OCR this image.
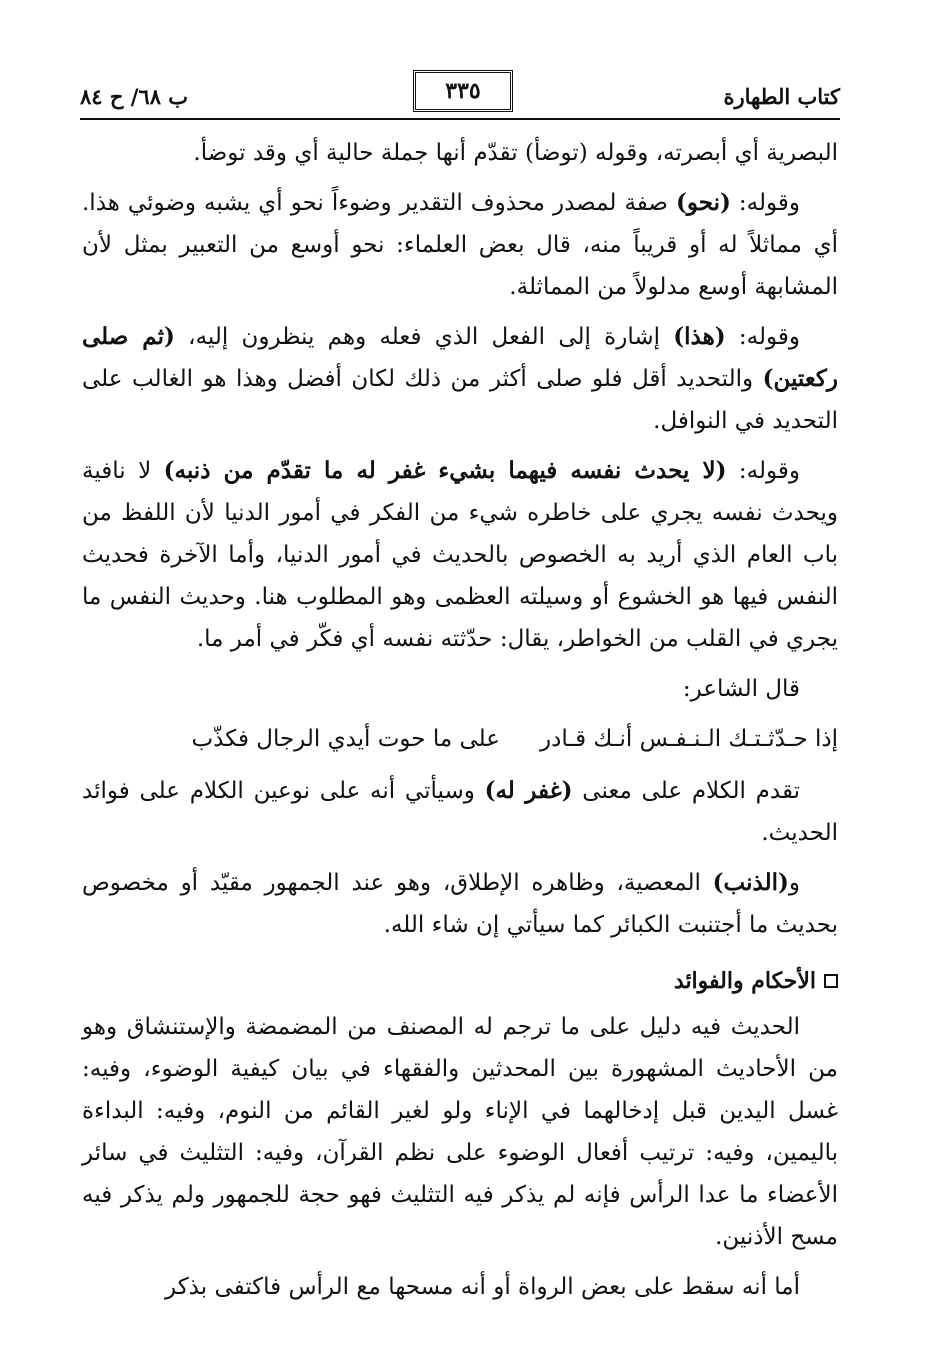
كتاب الطهارة
٣٣٥
ب ٦٨/ ح ٨٤

البصرية أي أبصرته، وقوله (توضأ) تقدّم أنها جملة حالية أي وقد توضأ.

وقوله: (نحو) صفة لمصدر محذوف التقدير وضوءاً نحو أي يشبه وضوئي هذا. أي مماثلاً له أو قريباً منه، قال بعض العلماء: نحو أوسع من التعبير بمثل لأن المشابهة أوسع مدلولاً من المماثلة.

وقوله: (هذا) إشارة إلى الفعل الذي فعله وهم ينظرون إليه، (ثم صلى ركعتين) والتحديد أقل فلو صلى أكثر من ذلك لكان أفضل وهذا هو الغالب على التحديد في النوافل.

وقوله: (لا يحدث نفسه فيهما بشيء غفر له ما تقدّم من ذنبه) لا نافية ويحدث نفسه يجري على خاطره شيء من الفكر في أمور الدنيا لأن اللفظ من باب العام الذي أريد به الخصوص بالحديث في أمور الدنيا، وأما الآخرة فحديث النفس فيها هو الخشوع أو وسيلته العظمى وهو المطلوب هنا. وحديث النفس ما يجري في القلب من الخواطر، يقال: حدّثته نفسه أي فكّر في أمر ما.

قال الشاعر:

إذا حـدّثـتـك الـنـفـس أنـك قـادر
على ما حوت أيدي الرجال فكذّب

تقدم الكلام على معنى (غفر له) وسيأتي أنه على نوعين الكلام على فوائد الحديث.

و(الذنب) المعصية، وظاهره الإطلاق، وهو عند الجمهور مقيّد أو مخصوص بحديث ما أجتنبت الكبائر كما سيأتي إن شاء الله.

الأحكام والفوائد

الحديث فيه دليل على ما ترجم له المصنف من المضمضة والإستنشاق وهو من الأحاديث المشهورة بين المحدثين والفقهاء في بيان كيفية الوضوء، وفيه: غسل اليدين قبل إدخالهما في الإناء ولو لغير القائم من النوم، وفيه: البداءة باليمين، وفيه: ترتيب أفعال الوضوء على نظم القرآن، وفيه: التثليث في سائر الأعضاء ما عدا الرأس فإنه لم يذكر فيه التثليث فهو حجة للجمهور ولم يذكر فيه مسح الأذنين.

أما أنه سقط على بعض الرواة أو أنه مسحها مع الرأس فاكتفى بذكر
